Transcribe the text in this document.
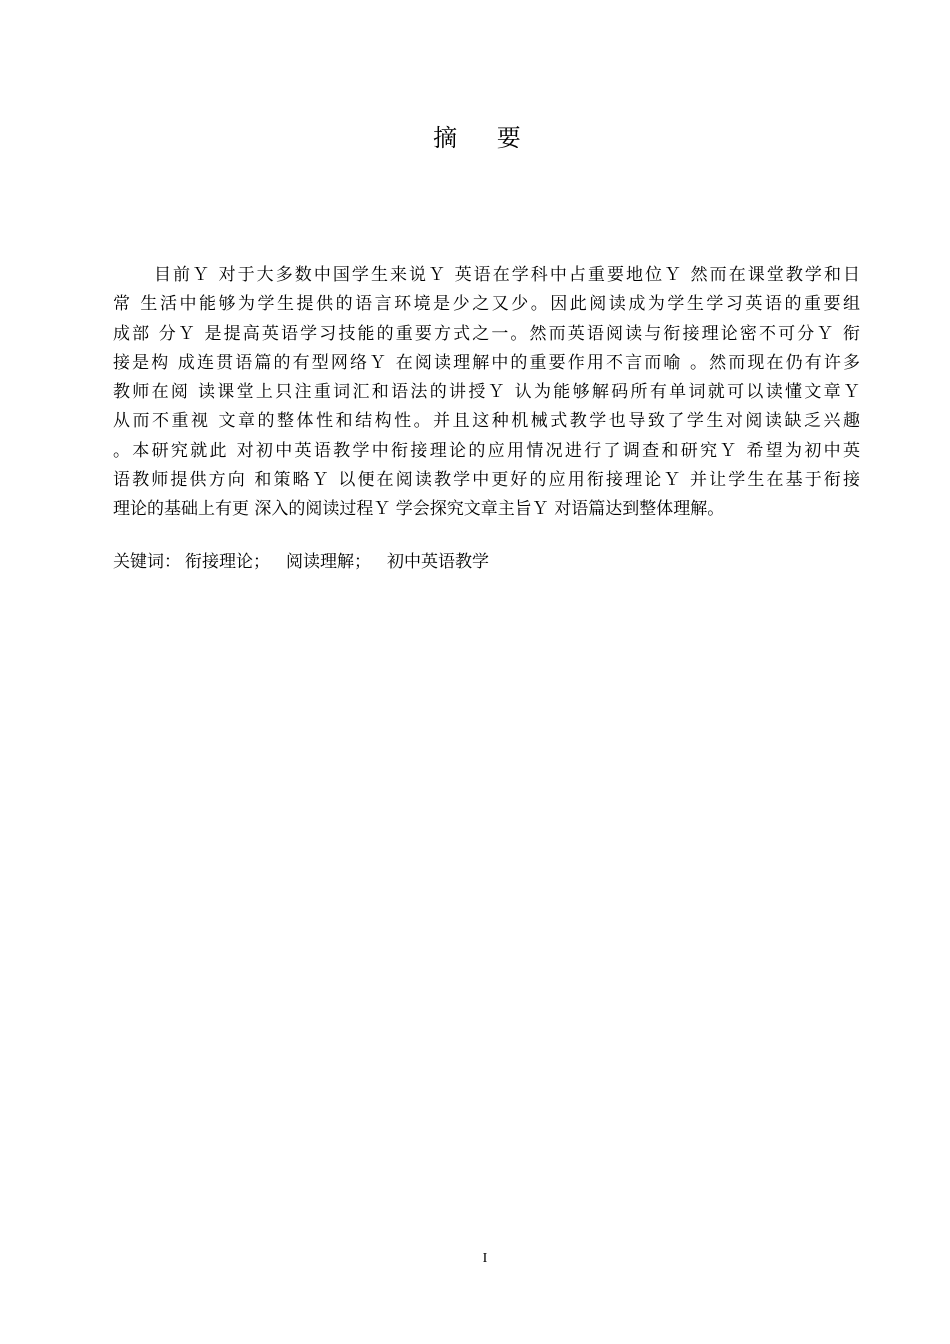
摘 要
目前Ｙ 对于大多数中国学生来说Ｙ 英语在学科中占重要地位Ｙ 然而在课堂教学和日
常 生活中能够为学生提供的语言环境是少之又少。因此阅读成为学生学习英语的重要组
成部 分Ｙ 是提高英语学习技能的重要方式之一。然而英语阅读与衔接理论密不可分Ｙ 衔
接是构 成连贯语篇的有型网络Ｙ 在阅读理解中的重要作用不言而喻 。然而现在仍有许多
教师在阅 读课堂上只注重词汇和语法的讲授Ｙ 认为能够解码所有单词就可以读懂文章Ｙ
从而不重视 文章的整体性和结构性。并且这种机械式教学也导致了学生对阅读缺乏兴趣
。本研究就此 对初中英语教学中衔接理论的应用情况进行了调查和研究Ｙ 希望为初中英
语教师提供方向 和策略Ｙ 以便在阅读教学中更好的应用衔接理论Ｙ 并让学生在基于衔接
理论的基础上有更 深入的阅读过程Ｙ 学会探究文章主旨Ｙ 对语篇达到整体理解。
关键词： 衔接理论； 阅读理解； 初中英语教学
I
